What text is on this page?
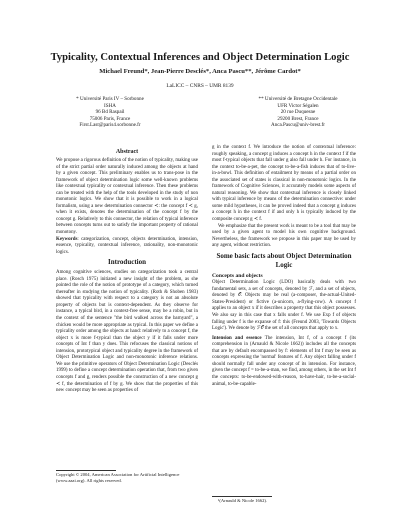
Typicality, Contextual Inferences and Object Determination Logic
Michael Freund*, Jean-Pierre Desclés*, Anca Pascu**, Jérôme Cardot*
LaLICC – CNRS – UMR 8139
* Université Paris IV – Sorbonne
ISHA
96 Bd Raspail
75006 Paris, France
First.Last@paris4.sorbonne.fr
** Université de Bretagne Occidentale
UFR Victor Ségalen
20 rue Duquesne
29200 Brest, France
Anca.Pascu@univ-brest.fr
Abstract

We propose a rigorous definition of the notion of typicality, making use of the strict partial order naturally induced among the objects at hand by a given concept. This preliminary enables us to trans-pose in the framework of object determination logic some well-known problems like contextual typicality or contextual inference. Then these problems can be treated with the help of the tools developed in the study of non monotonic logics. We show that it is possible to work in a logical formalism, using a new determination connector ≺: the concept f ≺ g, when it exists, denotes the determination of the concept f by the concept g. Relatively to this connector, the relation of typical inference between concepts turns out to satisfy the important property of rational monotony.

Keywords: categorization, concept, objects determination, intension, essence, typicality, contextual inference, rationality, non-monotonic logics.

Introduction

Among cognitive sciences, studies on categorization took a central place. (Rosch 1975) initiated a new insight of the problem, as she pointed the role of the notion of prototype of a category, which turned thereafter in studying the notion of typicality. (Roth & Shoben 1983) showed that typicality with respect to a category is not an absolute property of objects but is context-dependent. As they observe for instance, a typical bird, in a context-free sense, may be a robin, but in the context of the sentence "the bird walked across the barnyard", a chicken would be more appropriate as typical. In this paper we define a typicality order among the objects at hand: relatively to a concept f, the object x is more f-typical than the object y if it falls under more concepts of Int f than y does. This refocuses the classical notions of intension, prototypical object and typicality degree in the framework of Object Determination Logic and non-monotonic inference relations. We use the primitive operators of Object Determination Logic (Desclés 1999) to define a concept determination operation that, from two given concepts f and g, renders possible the construction of a new concept g ≺ f, the determination of f by g. We show that the properties of this new concept may be seen as properties of

Copyright © 2004, American Association for Artificial Intelligence (www.aaai.org). All rights reserved.

g in the context f. We introduce the notion of contextual inference: roughly speaking, a concept g induces a concept h in the context f if the most f-typical objects that fall under g also fall under h. For instance, in the context to-be-a-pet, the concept to-be-a-fish induces that of to-live-in-a-bowl. This definition of entailment by means of a partial order on the associated set of states is classical in non-monotonic logics. In the framework of Cognitive Sciences, it accurately models some aspects of natural reasoning. We show that contextual inference is closely linked with typical inference by means of the determination connective: under some mild hypotheses, it can be proved indeed that a concept g induces a concept h in the context f if and only h is typically induced by the composite concept g ≺ f.

We emphasize that the present work is meant to be a tool that may be used by a given agent to model his own cognitive background. Nevertheless, the framework we propose in this paper may be used by any agent, without restriction.

Some basic facts about Object Determination Logic
Concepts and objects

Object Determination Logic (LDO) basically deals with two fundamental sets, a set of concepts, denoted by ℱ, and a set of objects, denoted by 𝒪. Objects may be real (a-composer, the-actual-United-States-President) or fictive (a-unicorn, a-flying-cow). A concept f applies to an object x if it describes a property that this object possesses. We also say in this case that x falls under f. We use Exp f of objects falling under f is the expanse of f: this (Freund 2003, 'Towards Objects Logic'). We denote by ℱ𝒪 the set of all concepts that apply to x.

Intension and essence The intension, Int f, of a concept f (its comprehension in (Arnauld & Nicole 1662)) includes all the concepts that are by default encompassed by f: elements of Int f may be seen as concepts expressing the 'normal' features of f. Any object falling under f should normally fall under any concept of its intension. For instance, given the concept f = to-be-a-man, we find, among others, in the set Int f the concepts: to-be-endowed-with-reason, to-have-hair, to-be-a-social-animal, to-be-capable-

¹(Arnauld & Nicole 1662).
